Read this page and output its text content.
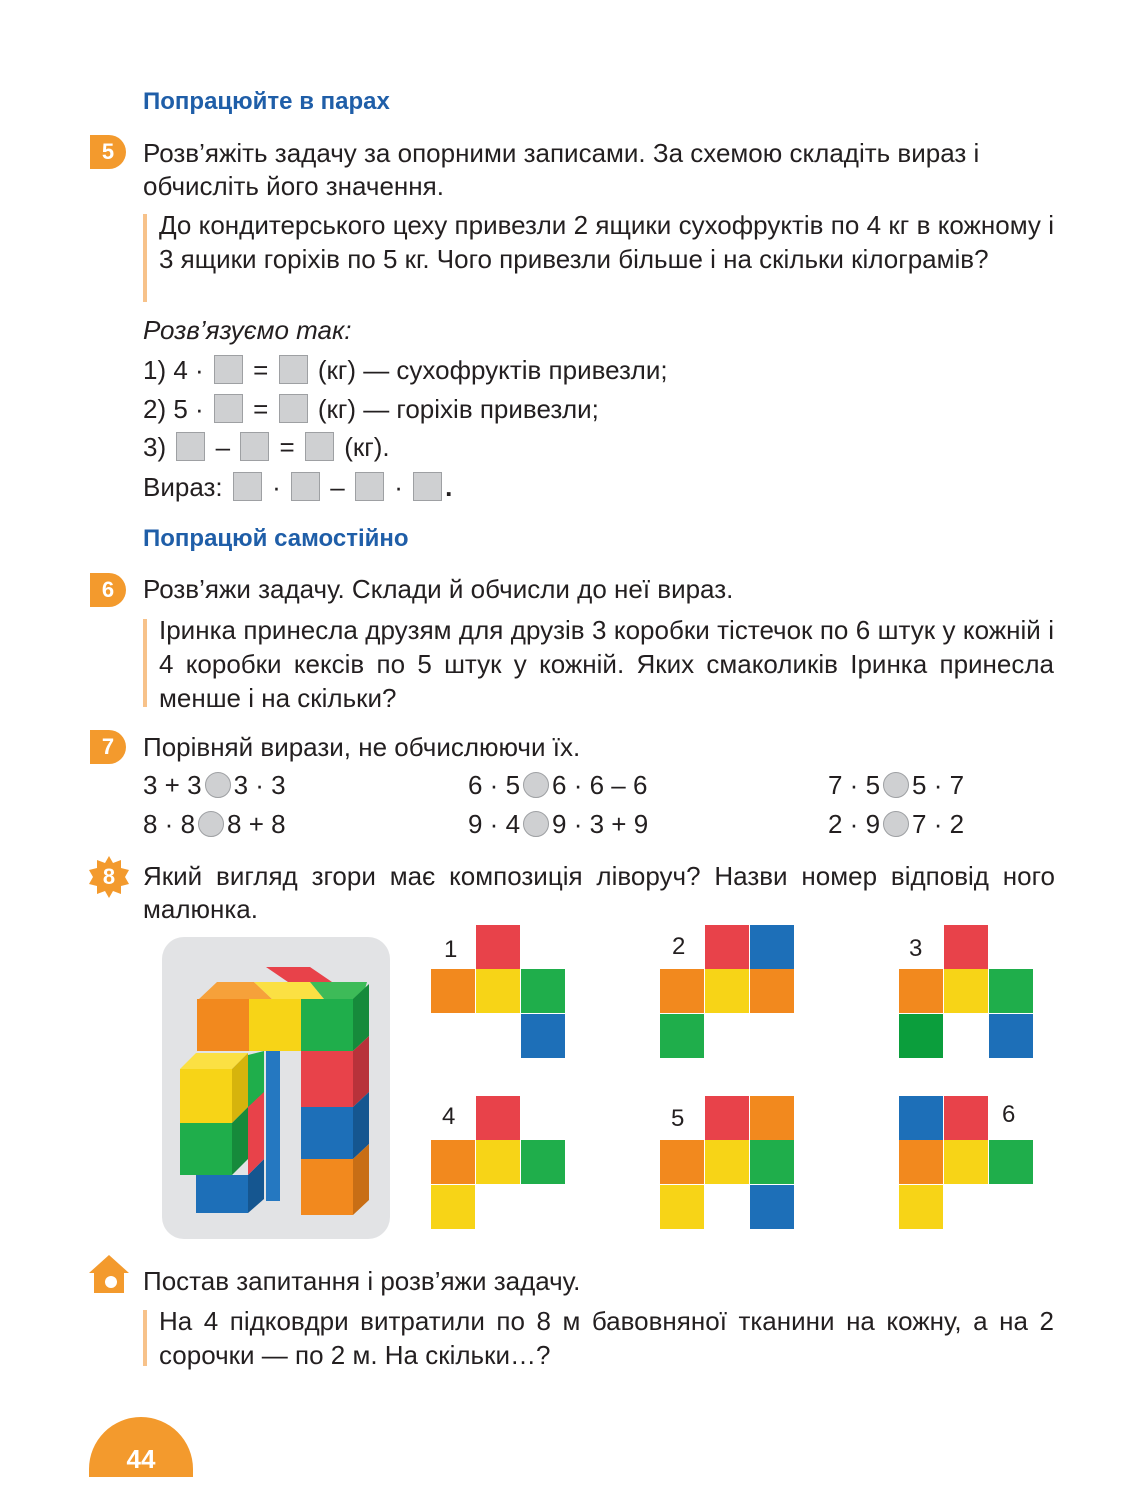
Попрацюйте в парах
5	Розв’яжіть задачу за опорними записами. За схемою складіть вираз і обчисліть його значення.
До кондитерського цеху привезли 2 ящики сухофруктів по 4 кг в кожному і 3 ящики горіхів по 5 кг. Чого привезли більше і на скільки кілограмів?
Розв’язуємо так:
1) 4 · = (кг) — сухофруктів привезли;
2) 5 · = (кг) — горіхів привезли;
3) – = (кг).
Вираз: · – · .
Попрацюй самостійно
6	Розв’яжи задачу. Склади й обчисли до неї вираз.
Іринка принесла друзям для друзів 3 коробки тістечок по 6 штук у кожній і 4 коробки кексів по 5 штук у кожній. Яких смаколиків Іринка принесла менше і на скільки?
7	Порівняй вирази, не обчислюючи їх.
3 + 3 3 · 3	6 · 5 6 · 6 – 6	7 · 5 5 · 7
8 · 8 8 + 8	9 · 4 9 · 3 + 9	2 · 9 7 · 2
8	Який вигляд згори має композиція ліворуч? Назви номер відповід ного малюнка.
1	2	3
4	5	6
Постав запитання і розв’яжи задачу.
На 4 підковдри витратили по 8 м бавовняної тканини на кожну, а на 2 сорочки — по 2 м. На скільки…?
44
